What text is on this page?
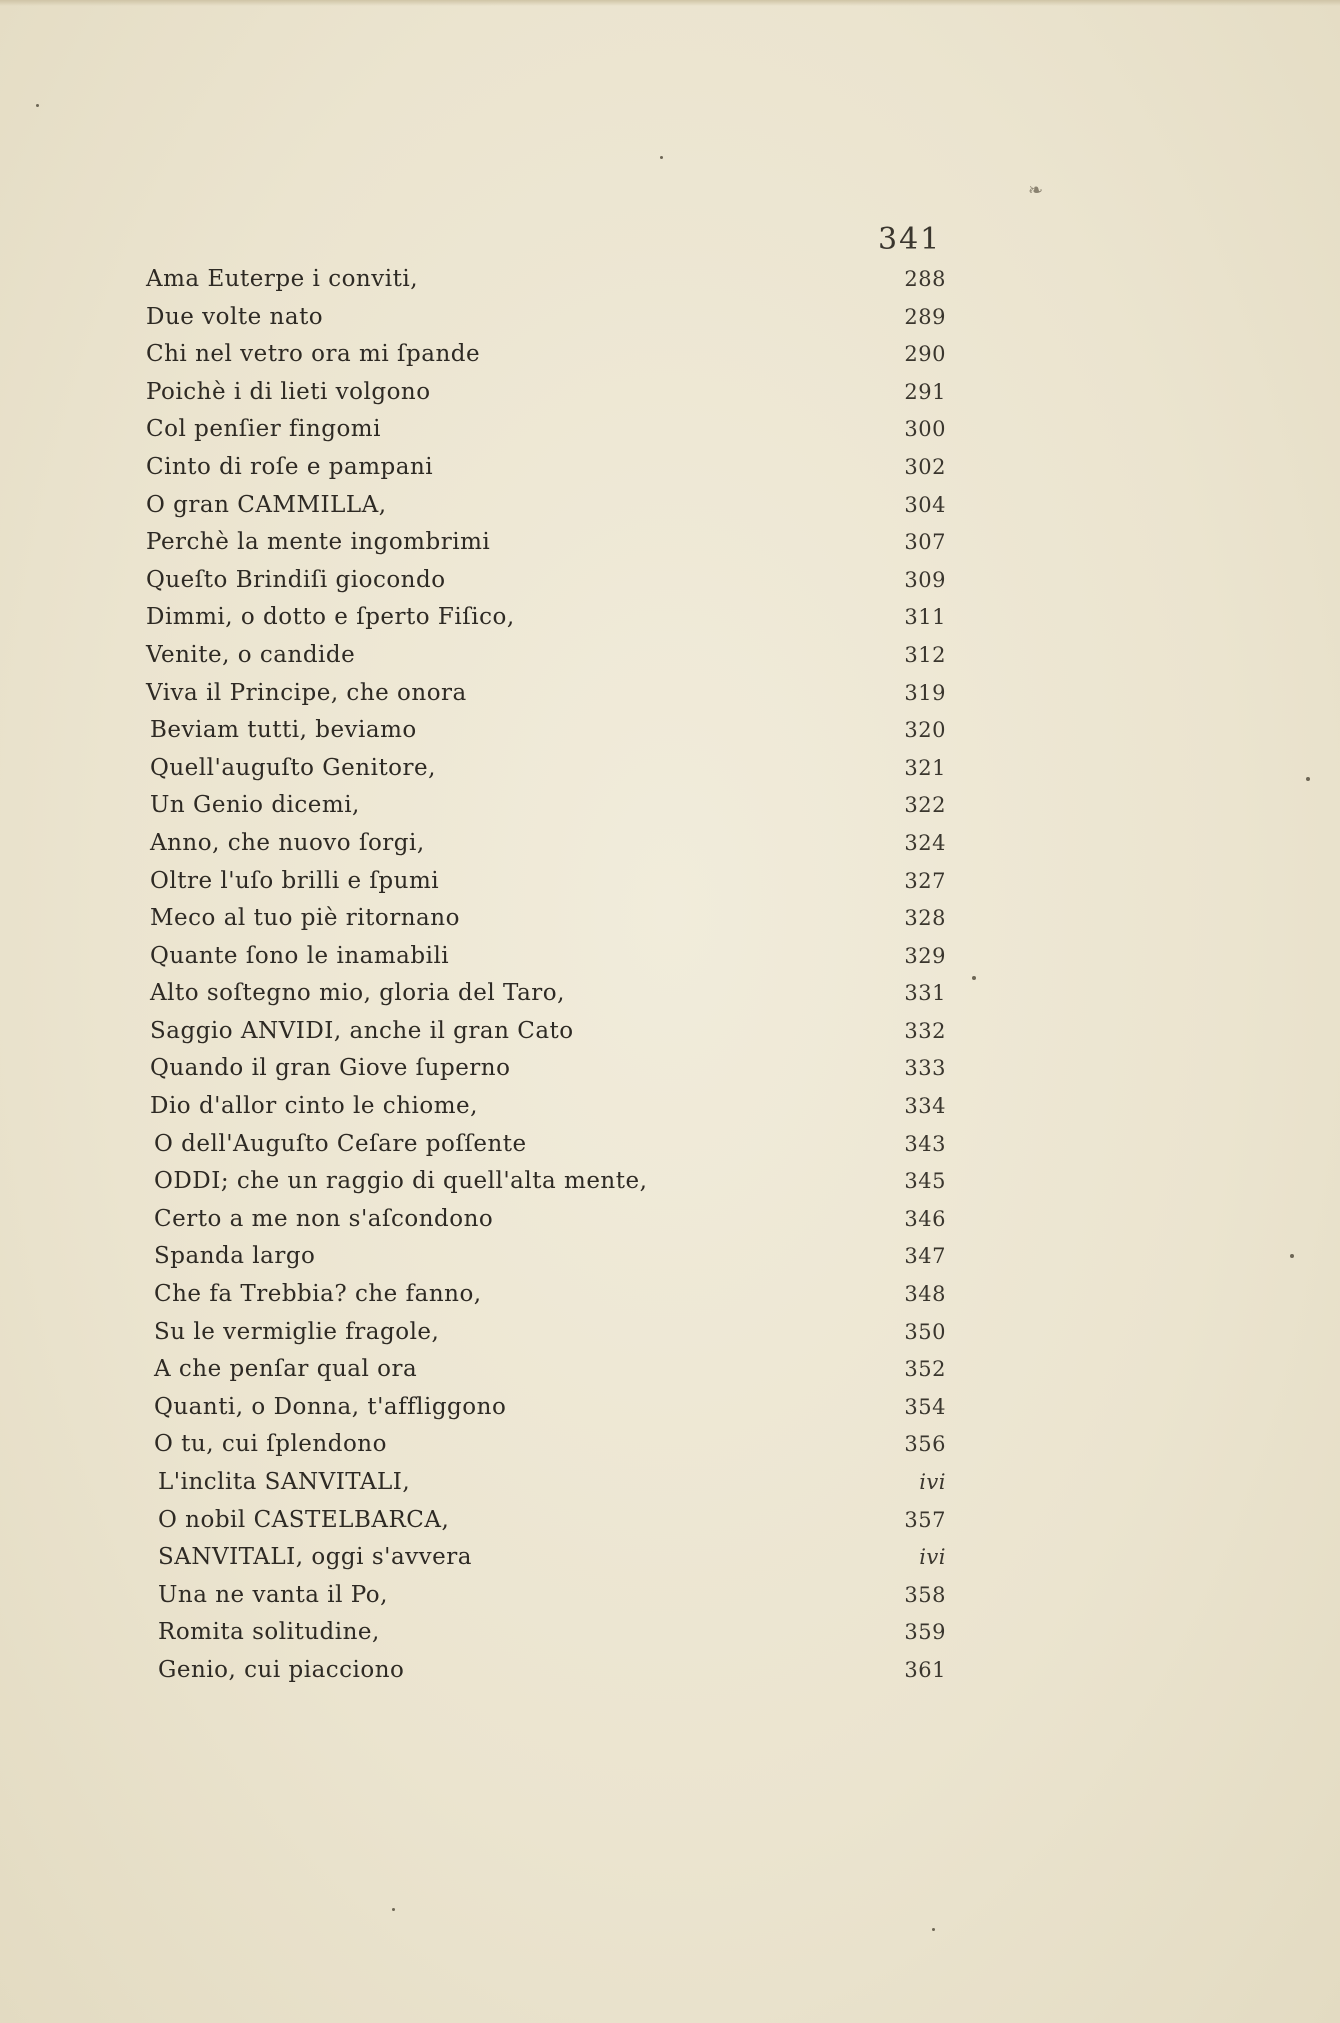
❧
341
Ama Euterpe i conviti,	288
Due volte nato	289
Chi nel vetro ora mi ſpande	290
Poichè i di lieti volgono	291
Col penſier fingomi	300
Cinto di roſe e pampani	302
O gran CAMMILLA,	304
Perchè la mente ingombrimi	307
Queſto Brindiſi giocondo	309
Dimmi, o dotto e ſperto Fiſico,	311
Venite, o candide	312
Viva il Principe, che onora	319
Beviam tutti, beviamo	320
Quell'auguſto Genitore,	321
Un Genio dicemi,	322
Anno, che nuovo ſorgi,	324
Oltre l'uſo brilli e ſpumi	327
Meco al tuo piè ritornano	328
Quante ſono le inamabili	329
Alto soſtegno mio, gloria del Taro,	331
Saggio ANVIDI, anche il gran Cato	332
Quando il gran Giove ſuperno	333
Dio d'allor cinto le chiome,	334
O dell'Auguſto Ceſare poſſente	343
ODDI; che un raggio di quell'alta mente,	345
Certo a me non s'aſcondono	346
Spanda largo	347
Che fa Trebbia? che fanno,	348
Su le vermiglie fragole,	350
A che penſar qual ora	352
Quanti, o Donna, t'affliggono	354
O tu, cui ſplendono	356
L'inclita SANVITALI,	ivi
O nobil CASTELBARCA,	357
SANVITALI, oggi s'avvera	ivi
Una ne vanta il Po,	358
Romita solitudine,	359
Genio, cui piacciono	361
